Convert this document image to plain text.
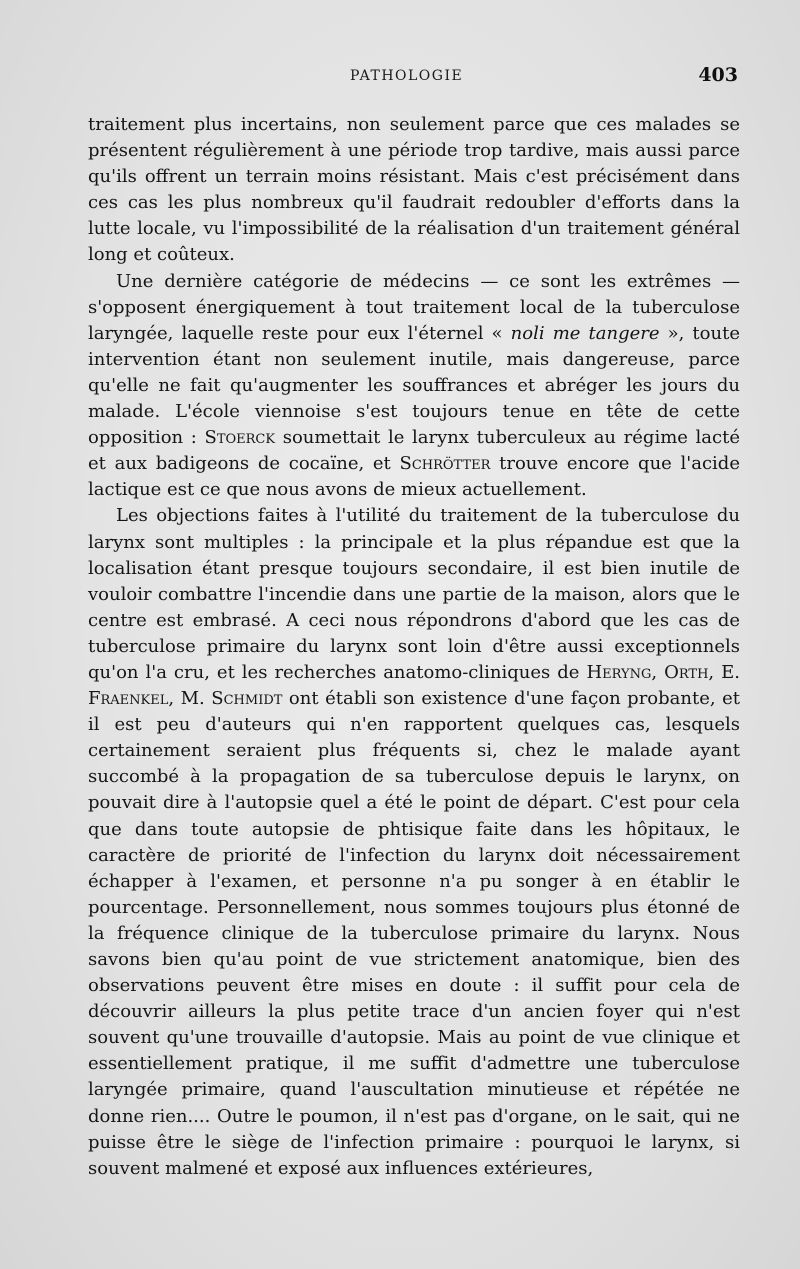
PATHOLOGIE	403

traitement plus incertains, non seulement parce que ces malades se présentent régulièrement à une période trop tardive, mais aussi parce qu'ils offrent un terrain moins résistant. Mais c'est précisément dans ces cas les plus nombreux qu'il faudrait redoubler d'efforts dans la lutte locale, vu l'impossibilité de la réalisation d'un traitement général long et coûteux.

Une dernière catégorie de médecins — ce sont les extrêmes — s'opposent énergiquement à tout traitement local de la tuberculose laryngée, laquelle reste pour eux l'éternel « noli me tangere », toute intervention étant non seulement inutile, mais dangereuse, parce qu'elle ne fait qu'augmenter les souffrances et abréger les jours du malade. L'école viennoise s'est toujours tenue en tête de cette opposition : Stoerck soumettait le larynx tuberculeux au régime lacté et aux badigeons de cocaïne, et Schrötter trouve encore que l'acide lactique est ce que nous avons de mieux actuellement.

Les objections faites à l'utilité du traitement de la tuberculose du larynx sont multiples : la principale et la plus répandue est que la localisation étant presque toujours secondaire, il est bien inutile de vouloir combattre l'incendie dans une partie de la maison, alors que le centre est embrasé. A ceci nous répondrons d'abord que les cas de tuberculose primaire du larynx sont loin d'être aussi exceptionnels qu'on l'a cru, et les recherches anatomo-cliniques de Heryng, Orth, E. Fraenkel, M. Schmidt ont établi son existence d'une façon probante, et il est peu d'auteurs qui n'en rapportent quelques cas, lesquels certainement seraient plus fréquents si, chez le malade ayant succombé à la propagation de sa tuberculose depuis le larynx, on pouvait dire à l'autopsie quel a été le point de départ. C'est pour cela que dans toute autopsie de phtisique faite dans les hôpitaux, le caractère de priorité de l'infection du larynx doit nécessairement échapper à l'examen, et personne n'a pu songer à en établir le pourcentage. Personnellement, nous sommes toujours plus étonné de la fréquence clinique de la tuberculose primaire du larynx. Nous savons bien qu'au point de vue strictement anatomique, bien des observations peuvent être mises en doute : il suffit pour cela de découvrir ailleurs la plus petite trace d'un ancien foyer qui n'est souvent qu'une trouvaille d'autopsie. Mais au point de vue clinique et essentiellement pratique, il me suffit d'admettre une tuberculose laryngée primaire, quand l'auscultation minutieuse et répétée ne donne rien.... Outre le poumon, il n'est pas d'organe, on le sait, qui ne puisse être le siège de l'infection primaire : pourquoi le larynx, si souvent malmené et exposé aux influences extérieures,
